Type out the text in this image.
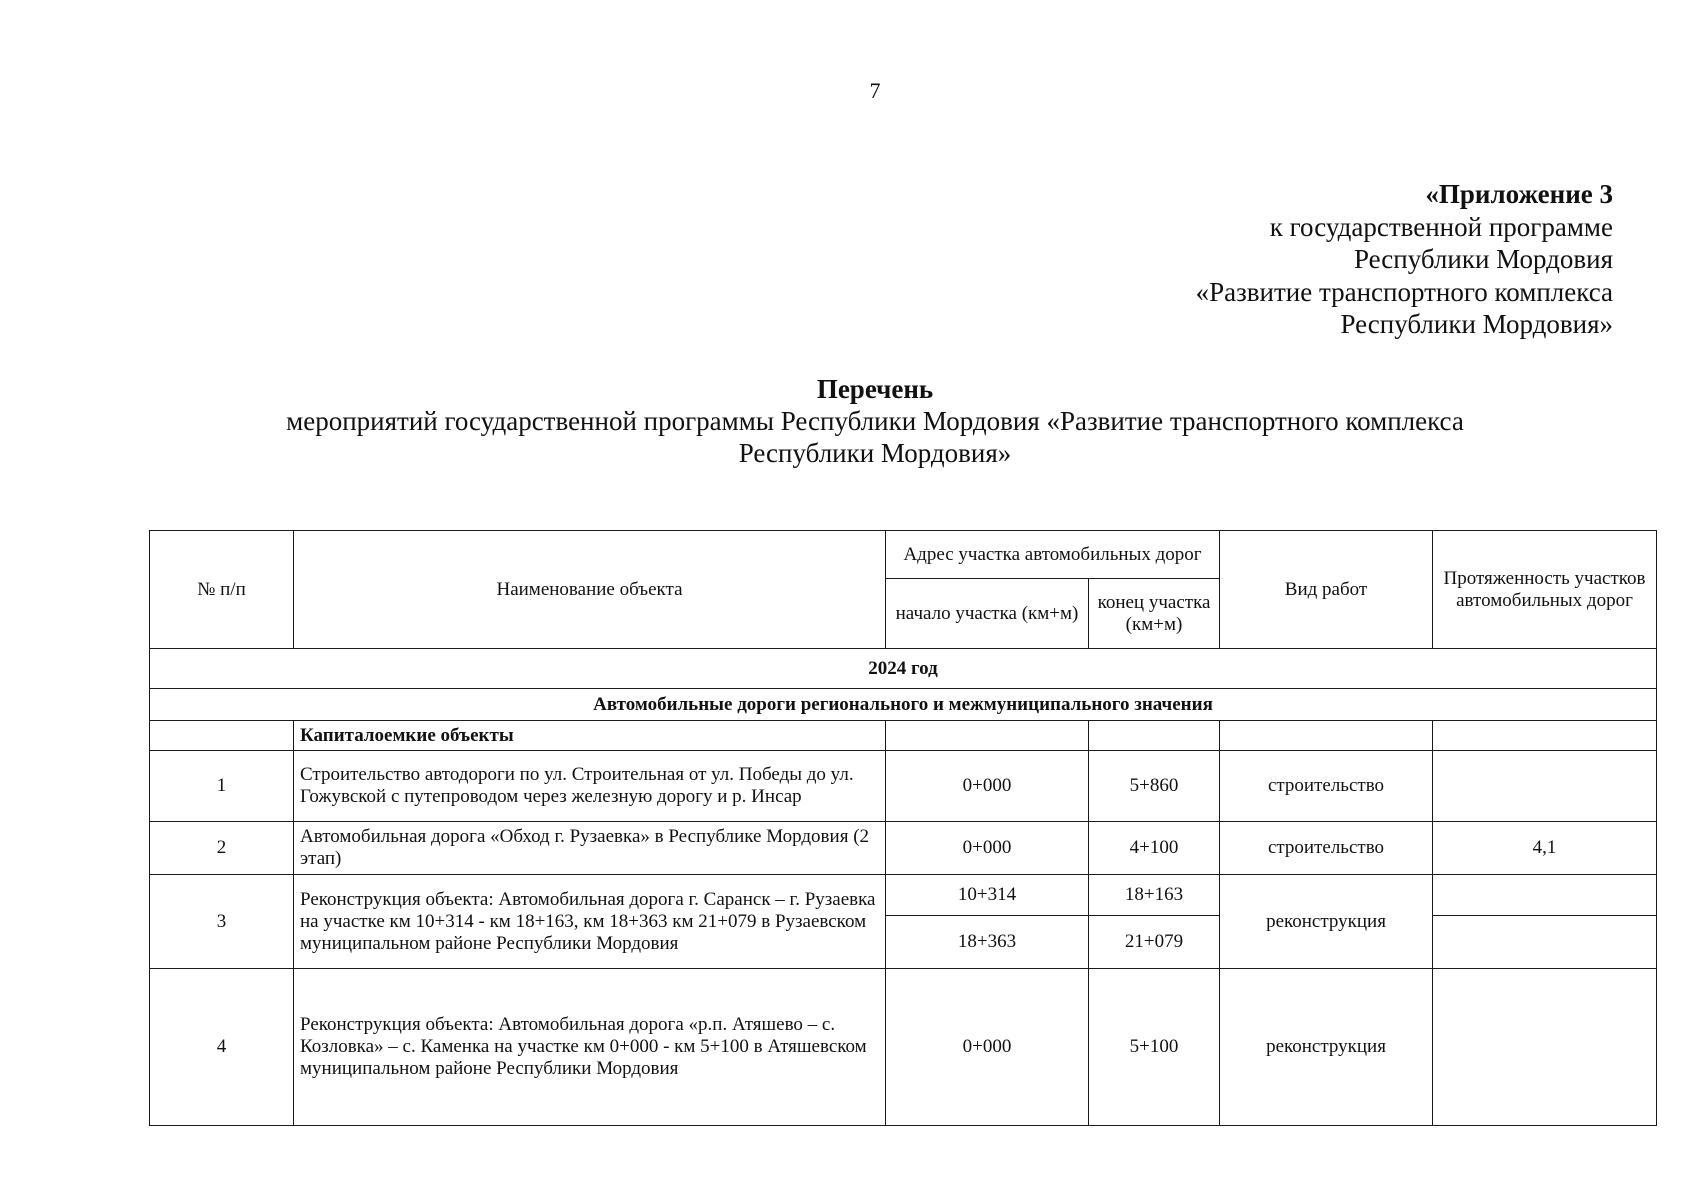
7
«Приложение 3
к государственной программе
Республики Мордовия
«Развитие транспортного комплекса
Республики Мордовия»
Перечень
мероприятий государственной программы Республики Мордовия «Развитие транспортного комплекса
Республики Мордовия»
№ п/п	Наименование объекта	Адрес участка автомобильных дорог		Вид работ	Протяженность участков автомобильных дорог
		начало участка (км+м)	конец участка (км+м)		
2024 год					
Автомобильные дороги регионального и межмуниципального значения					
	Капиталоемкие объекты				
1	Строительство автодороги по ул. Строительная от ул. Победы до ул. Гожувской с путепроводом через железную дорогу и р. Инсар	0+000	5+860	строительство	
2	Автомобильная дорога «Обход г. Рузаевка» в Республике Мордовия (2 этап)	0+000	4+100	строительство	4,1
3	Реконструкция объекта: Автомобильная дорога г. Саранск – г. Рузаевка на участке км 10+314 - км 18+163, км 18+363 км 21+079 в Рузаевском муниципальном районе Республики Мордовия	10+314	18+163	реконструкция	
		18+363	21+079		
4	Реконструкция объекта: Автомобильная дорога «р.п. Атяшево – с. Козловка» – с. Каменка на участке км 0+000 - км 5+100 в Атяшевском муниципальном районе Республики Мордовия	0+000	5+100	реконструкция	
